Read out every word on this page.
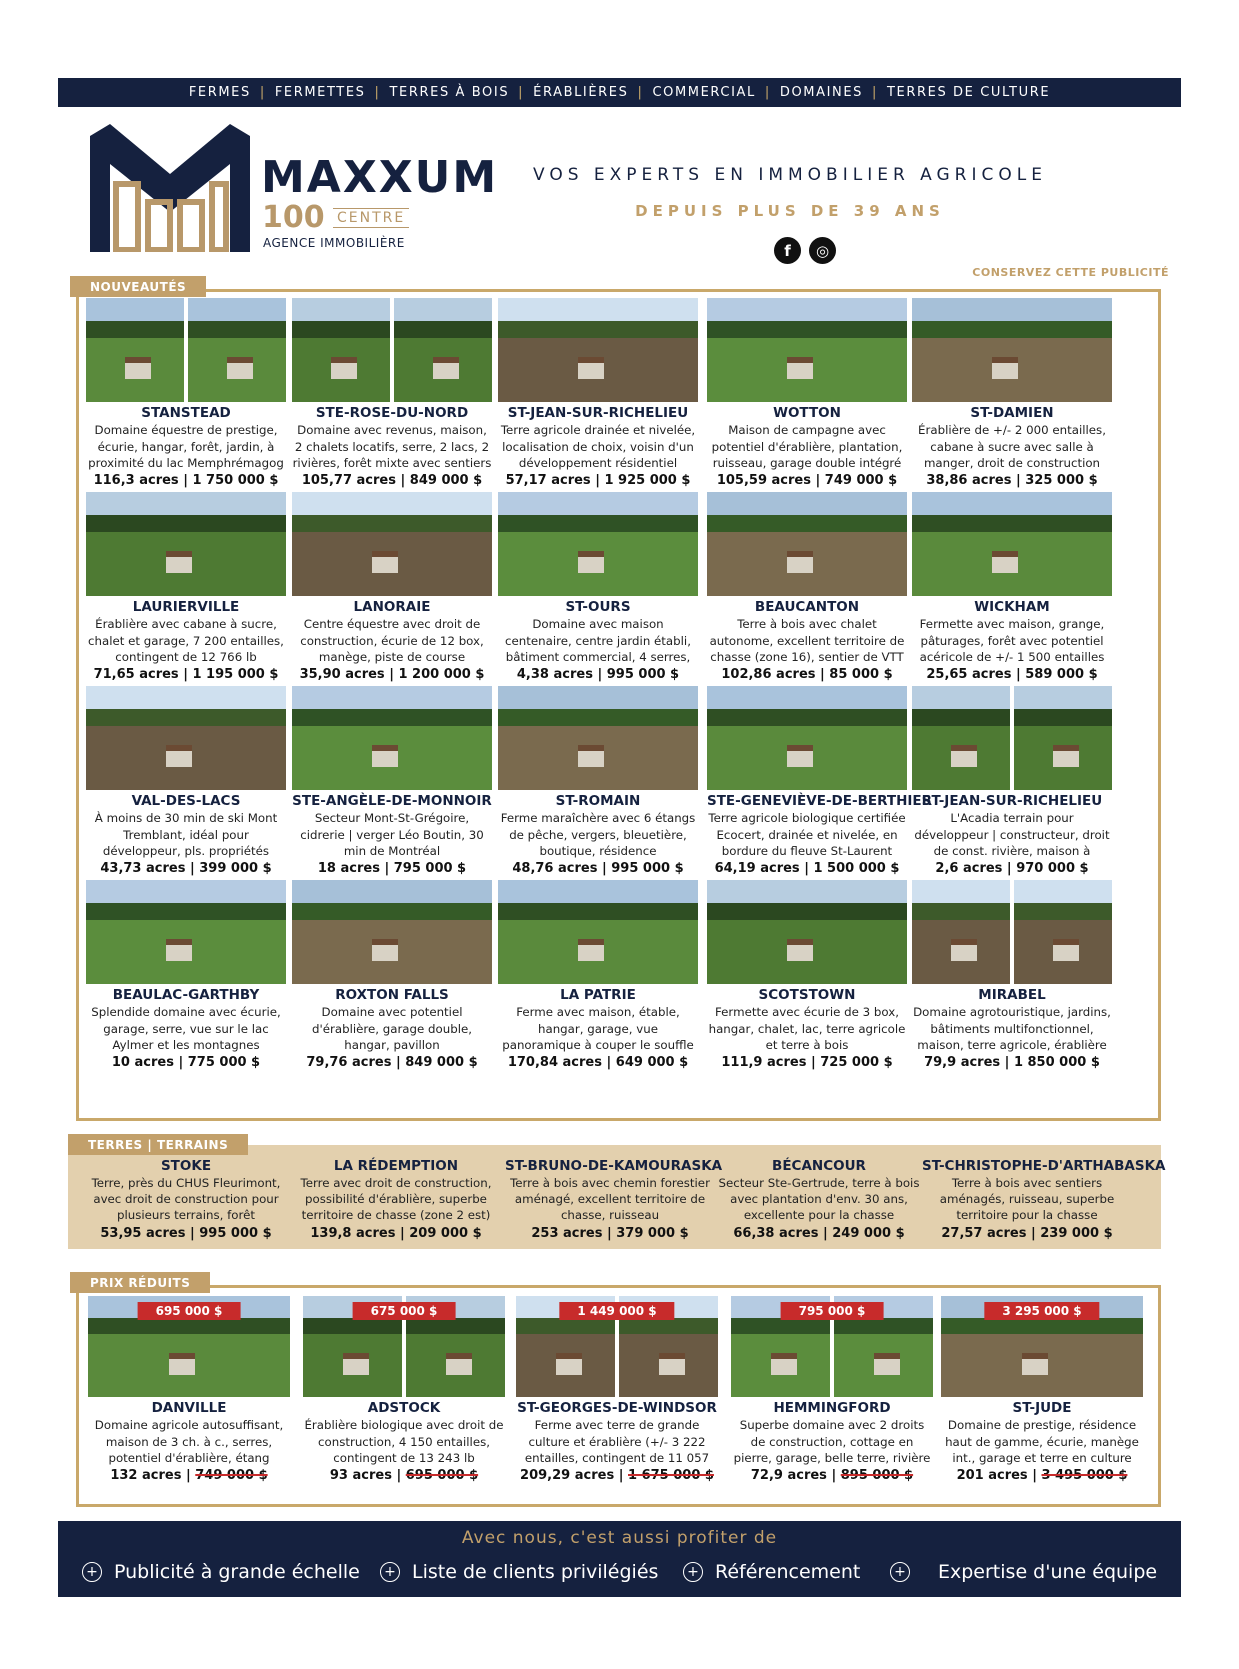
FERMES | FERMETTES | TERRES À BOIS | ÉRABLIÈRES | COMMERCIAL | DOMAINES | TERRES DE CULTURE
MAXXUM
100 CENTRE
AGENCE IMMOBILIÈRE
VOS EXPERTS EN IMMOBILIER AGRICOLE
DEPUIS PLUS DE 39 ANS
f	◎
CONSERVEZ CETTE PUBLICITÉ
NOUVEAUTÉS
STANSTEAD
Domaine équestre de prestige, écurie, hangar, forêt, jardin, à proximité du lac Memphrémagog
116,3 acres | 1 750 000 $
STE-ROSE-DU-NORD
Domaine avec revenus, maison, 2 chalets locatifs, serre, 2 lacs, 2 rivières, forêt mixte avec sentiers
105,77 acres | 849 000 $
ST-JEAN-SUR-RICHELIEU
Terre agricole drainée et nivelée, localisation de choix, voisin d'un développement résidentiel
57,17 acres | 1 925 000 $
WOTTON
Maison de campagne avec potentiel d'érablière, plantation, ruisseau, garage double intégré
105,59 acres | 749 000 $
ST-DAMIEN
Érablière de +/- 2 000 entailles, cabane à sucre avec salle à manger, droit de construction
38,86 acres | 325 000 $
LAURIERVILLE
Érablière avec cabane à sucre, chalet et garage, 7 200 entailles, contingent de 12 766 lb
71,65 acres | 1 195 000 $
LANORAIE
Centre équestre avec droit de construction, écurie de 12 box, manège, piste de course
35,90 acres | 1 200 000 $
ST-OURS
Domaine avec maison centenaire, centre jardin établi, bâtiment commercial, 4 serres,
4,38 acres | 995 000 $
BEAUCANTON
Terre à bois avec chalet autonome, excellent territoire de chasse (zone 16), sentier de VTT
102,86 acres | 85 000 $
WICKHAM
Fermette avec maison, grange, pâturages, forêt avec potentiel acéricole de +/- 1 500 entailles
25,65 acres | 589 000 $
VAL-DES-LACS
À moins de 30 min de ski Mont Tremblant, idéal pour développeur, pls. propriétés
43,73 acres | 399 000 $
STE-ANGÈLE-DE-MONNOIR
Secteur Mont-St-Grégoire, cidrerie | verger Léo Boutin, 30 min de Montréal
18 acres | 795 000 $
ST-ROMAIN
Ferme maraîchère avec 6 étangs de pêche, vergers, bleuetière, boutique, résidence
48,76 acres | 995 000 $
STE-GENEVIÈVE-DE-BERTHIER
Terre agricole biologique certifiée Ecocert, drainée et nivelée, en bordure du fleuve St-Laurent
64,19 acres | 1 500 000 $
ST-JEAN-SUR-RICHELIEU
L'Acadia terrain pour développeur | constructeur, droit de const. rivière, maison à
2,6 acres | 970 000 $
BEAULAC-GARTHBY
Splendide domaine avec écurie, garage, serre, vue sur le lac Aylmer et les montagnes
10 acres | 775 000 $
ROXTON FALLS
Domaine avec potentiel d'érablière, garage double, hangar, pavillon
79,76 acres | 849 000 $
LA PATRIE
Ferme avec maison, étable, hangar, garage, vue panoramique à couper le souffle
170,84 acres | 649 000 $
SCOTSTOWN
Fermette avec écurie de 3 box, hangar, chalet, lac, terre agricole et terre à bois
111,9 acres | 725 000 $
MIRABEL
Domaine agrotouristique, jardins, bâtiments multifonctionnel, maison, terre agricole, érablière
79,9 acres | 1 850 000 $
TERRES | TERRAINS
STOKE
Terre, près du CHUS Fleurimont, avec droit de construction pour plusieurs terrains, forêt
53,95 acres | 995 000 $
LA RÉDEMPTION
Terre avec droit de construction, possibilité d'érablière, superbe territoire de chasse (zone 2 est)
139,8 acres | 209 000 $
ST-BRUNO-DE-KAMOURASKA
Terre à bois avec chemin forestier aménagé, excellent territoire de chasse, ruisseau
253 acres | 379 000 $
BÉCANCOUR
Secteur Ste-Gertrude, terre à bois avec plantation d'env. 30 ans, excellente pour la chasse
66,38 acres | 249 000 $
ST-CHRISTOPHE-D'ARTHABASKA
Terre à bois avec sentiers aménagés, ruisseau, superbe territoire pour la chasse
27,57 acres | 239 000 $
PRIX RÉDUITS
695 000 $
DANVILLE
Domaine agricole autosuffisant, maison de 3 ch. à c., serres, potentiel d'érablière, étang
132 acres | 749 000 $
675 000 $
ADSTOCK
Érablière biologique avec droit de construction, 4 150 entailles, contingent de 13 243 lb
93 acres | 695 000 $
1 449 000 $
ST-GEORGES-DE-WINDSOR
Ferme avec terre de grande culture et érablière (+/- 3 222 entailles, contingent de 11 057
209,29 acres | 1 675 000 $
795 000 $
HEMMINGFORD
Superbe domaine avec 2 droits de construction, cottage en pierre, garage, belle terre, rivière
72,9 acres | 895 000 $
3 295 000 $
ST-JUDE
Domaine de prestige, résidence haut de gamme, écurie, manège int., garage et terre en culture
201 acres | 3 495 000 $
Avec nous, c'est aussi profiter de
+ Publicité à grande échelle + Liste de clients privilégiés + Référencement + Expertise d'une équipe
